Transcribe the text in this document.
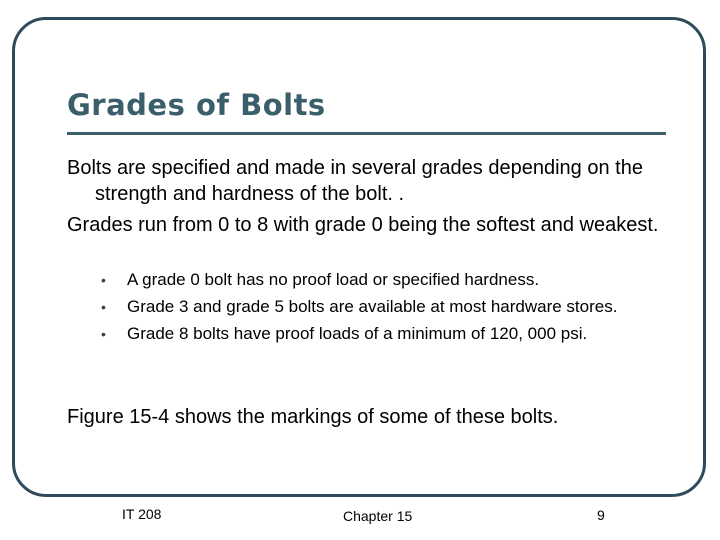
Grades of Bolts
Bolts are specified and made in several grades depending on the strength and hardness of the bolt. .
Grades run from 0 to 8 with grade 0 being the softest and weakest.
• A grade 0 bolt has no proof load or specified hardness.
• Grade 3 and grade 5 bolts are available at most hardware stores.
• Grade 8 bolts have proof loads of a minimum of 120, 000 psi.
Figure 15-4 shows the markings of some of these bolts.
IT 208	Chapter 15	9
